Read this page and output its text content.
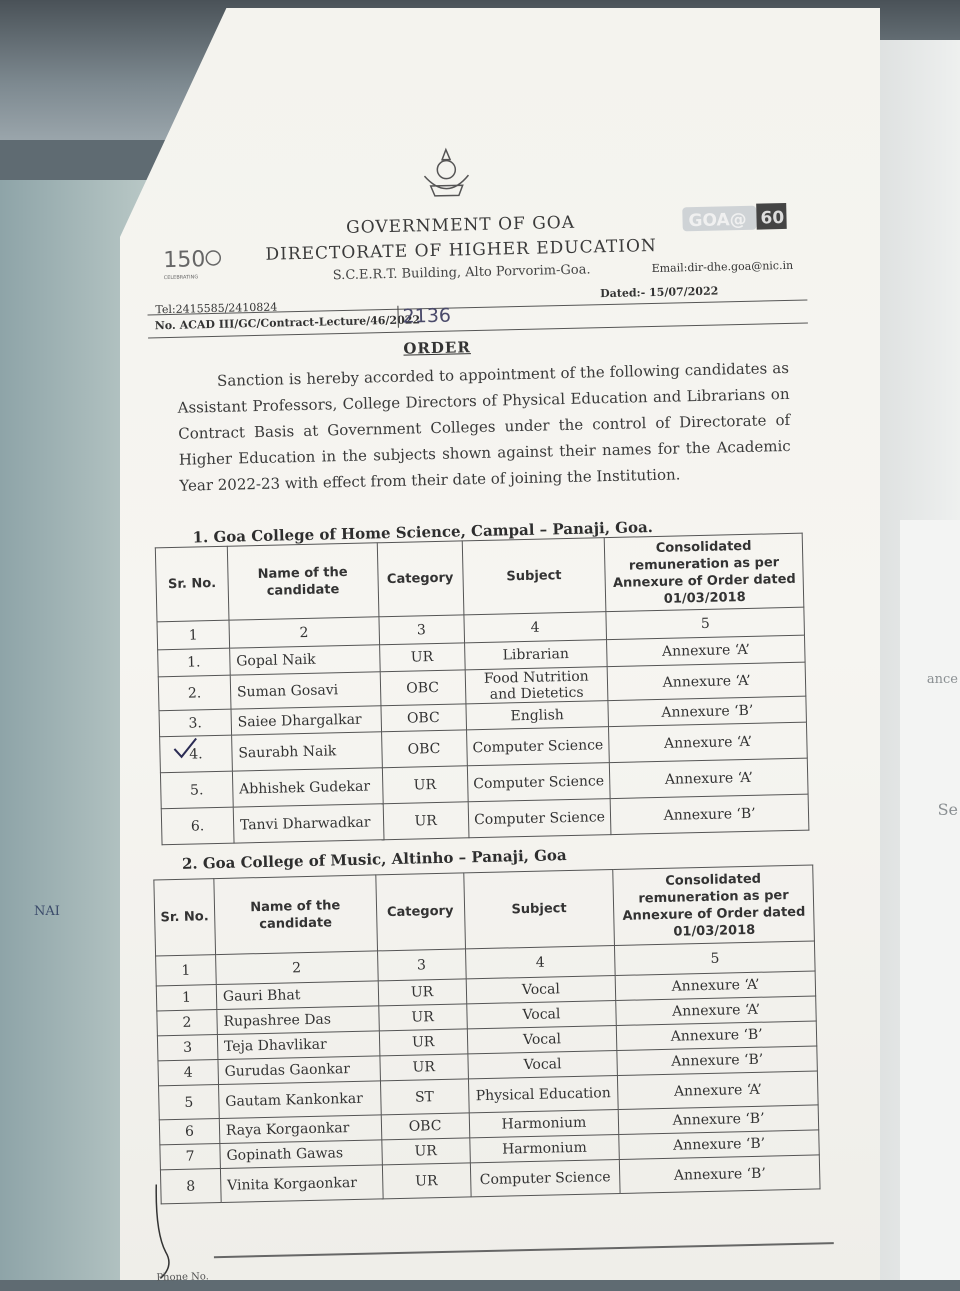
NAI
ance
Se
150
CELEBRATING
GOA@ 60
GOVERNMENT OF GOA
DIRECTORATE OF HIGHER EDUCATION
S.C.E.R.T. Building, Alto Porvorim-Goa.
Tel:2415585/2410824
Email:dir-dhe.goa@nic.in
No. ACAD III/GC/Contract-Lecture/46/2022
2136
Dated:- 15/07/2022
ORDER
Sanction is hereby accorded to appointment of the following candidates as Assistant Professors, College Directors of Physical Education and Librarians on Contract Basis at Government Colleges under the control of Directorate of Higher Education in the subjects shown against their names for the Academic Year 2022-23 with effect from their date of joining the Institution.
1. Goa College of Home Science, Campal – Panaji, Goa.
Sr. No.	Name of the candidate	Category	Subject	Consolidated remuneration as per Annexure of Order dated 01/03/2018
1	2	3	4	5
1.	Gopal Naik	UR	Librarian	Annexure ‘A’
2.	Suman Gosavi	OBC	Food Nutrition and Dietetics	Annexure ‘A’
3.	Saiee Dhargalkar	OBC	English	Annexure ‘B’
4.	Saurabh Naik	OBC	Computer Science	Annexure ‘A’
5.	Abhishek Gudekar	UR	Computer Science	Annexure ‘A’
6.	Tanvi Dharwadkar	UR	Computer Science	Annexure ‘B’
2. Goa College of Music, Altinho – Panaji, Goa
Sr. No.	Name of the candidate	Category	Subject	Consolidated remuneration as per Annexure of Order dated 01/03/2018
1	2	3	4	5
1	Gauri Bhat	UR	Vocal	Annexure ‘A’
2	Rupashree Das	UR	Vocal	Annexure ‘A’
3	Teja Dhavlikar	UR	Vocal	Annexure ‘B’
4	Gurudas Gaonkar	UR	Vocal	Annexure ‘B’
5	Gautam Kankonkar	ST	Physical Education	Annexure ‘A’
6	Raya Korgaonkar	OBC	Harmonium	Annexure ‘B’
7	Gopinath Gawas	UR	Harmonium	Annexure ‘B’
8	Vinita Korgaonkar	UR	Computer Science	Annexure ‘B’
Phone No.
